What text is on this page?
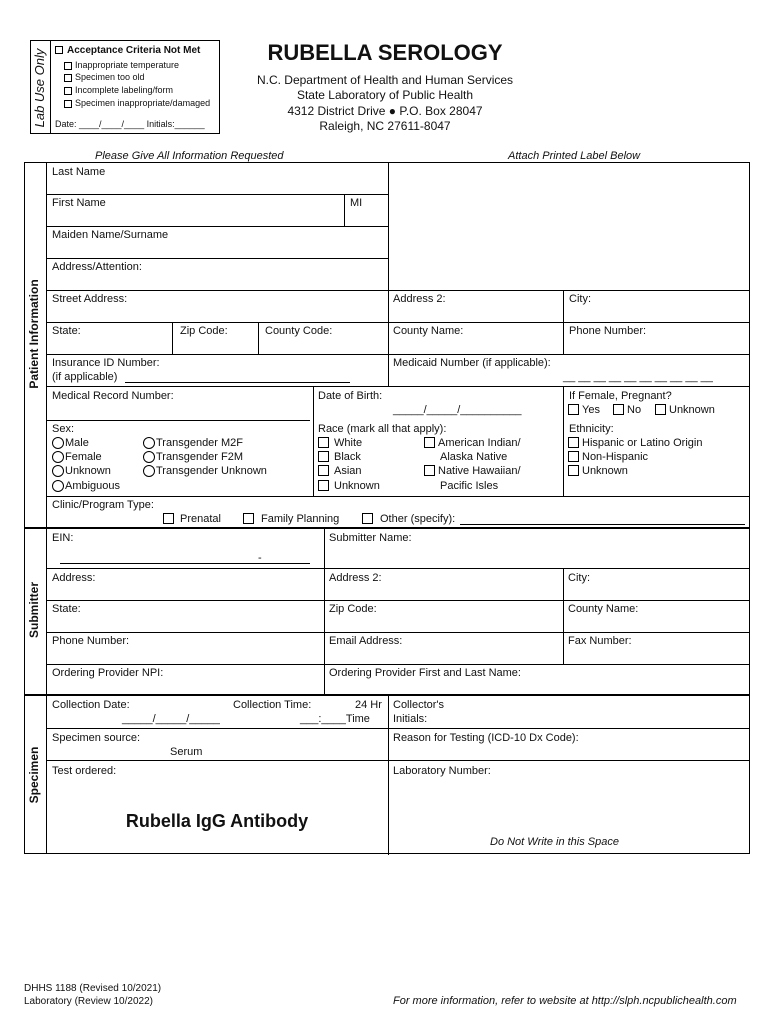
Lab Use Only Acceptance Criteria Not Met
Inappropriate temperature
Specimen too old
Incomplete labeling/form
Specimen inappropriate/damaged
Date: ____/____/____ Initials:______
RUBELLA SEROLOGY
N.C. Department of Health and Human Services
State Laboratory of Public Health
4312 District Drive ● P.O. Box 28047
Raleigh, NC 27611-8047
Please Give All Information Requested	Attach Printed Label Below
Patient Information
Submitter
Specimen
Last Name
First Name	MI
Maiden Name/Surname
Address/Attention:
Street Address:	Address 2:	City:
State:	Zip Code:	County Code:	County Name:	Phone Number:
Insurance ID Number:
(if applicable)
Medicaid Number (if applicable):
__ __ __ __ __ __ __ __ __ __
Medical Record Number:	Date of Birth:
_____/_____/__________
If Female, Pregnant?
Yes No	Unknown
Sex:
Male
Female
Unknown
Ambiguous
Transgender M2F
Transgender F2M
Transgender Unknown
Race (mark all that apply):
White
Black
Asian
Unknown
American Indian/
Alaska Native
Native Hawaiian/
Pacific Isles
Ethnicity:
Hispanic or Latino Origin
Non-Hispanic
Unknown
Clinic/Program Type:
Prenatal	Family Planning	Other (specify):
EIN:
-
Submitter Name:
Address:	Address 2:	City:
State:	Zip Code:	County Name:
Phone Number:	Email Address:	Fax Number:
Ordering Provider NPI:	Ordering Provider First and Last Name:
Collection Date:
_____/_____/_____
Collection Time:	24 Hr
___:____Time
Collector's
Initials:
Specimen source:
Serum
Reason for Testing (ICD-10 Dx Code):
Test ordered:	Laboratory Number:
Rubella IgG Antibody
Do Not Write in this Space
DHHS 1188 (Revised 10/2021)
Laboratory (Review 10/2022)	For more information, refer to website at http://slph.ncpublichealth.com
